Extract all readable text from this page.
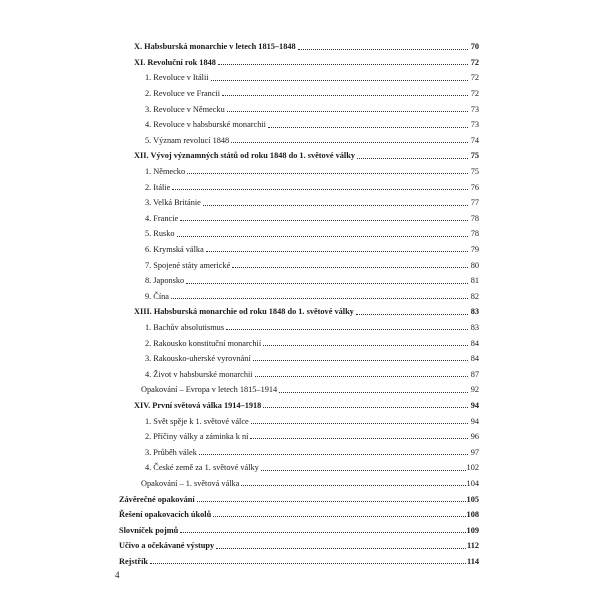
X. Habsburská monarchie v letech 1815–1848	70
XI. Revoluční rok 1848	72
1. Revoluce v Itálii	72
2. Revoluce ve Francii	72
3. Revoluce v Německu	73
4. Revoluce v habsburské monarchii	73
5. Význam revolucí 1848	74
XII. Vývoj významných států od roku 1848 do 1. světové války	75
1. Německo	75
2. Itálie	76
3. Velká Británie	77
4. Francie	78
5. Rusko	78
6. Krymská válka	79
7. Spojené státy americké	80
8. Japonsko	81
9. Čína	82
XIII. Habsburská monarchie od roku 1848 do 1. světové války	83
1. Bachův absolutismus	83
2. Rakousko konstituční monarchií	84
3. Rakousko-uherské vyrovnání	84
4. Život v habsburské monarchii	87
Opakování – Evropa v letech 1815–1914	92
XIV. První světová válka 1914–1918	94
1. Svět spěje k 1. světové válce	94
2. Příčiny války a záminka k ní	96
3. Průběh válek	97
4. České země za 1. světové války	102
Opakování – 1. světová válka	104
Závěrečné opakování	105
Řešení opakovacích úkolů	108
Slovníček pojmů	109
Učivo a očekávané výstupy	112
Rejstřík	114
4
